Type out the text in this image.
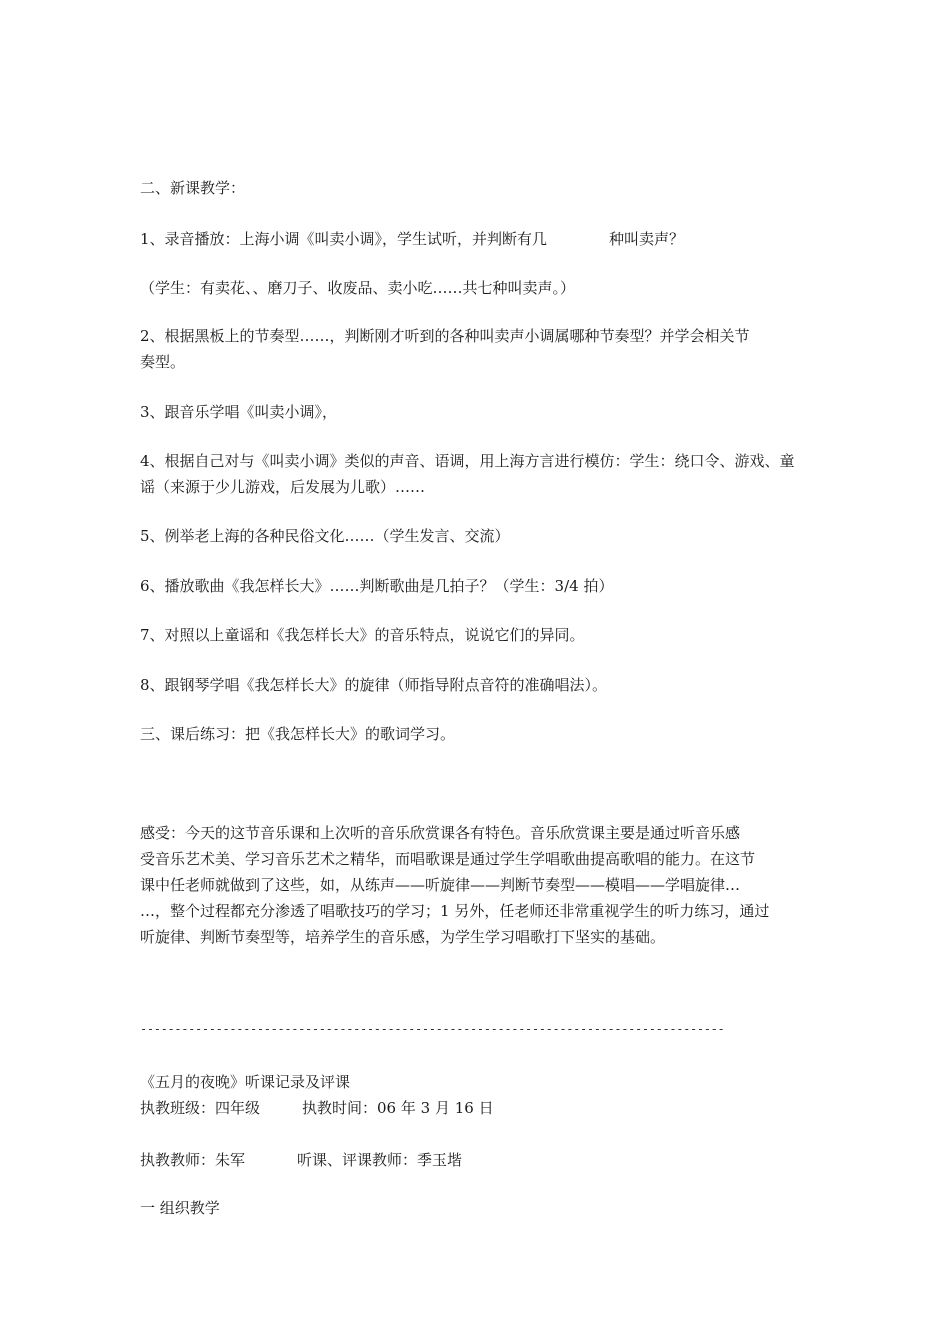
二、新课教学：
1、录音播放：上海小调《叫卖小调》，学生试听，并判断有几	种叫卖声？
（学生：有卖花、、磨刀子、收废品、卖小吃……共七种叫卖声。）
2、根据黑板上的节奏型……，判断刚才听到的各种叫卖声小调属哪种节奏型？并学会相关节
奏型。
3、跟音乐学唱《叫卖小调》，
4、根据自己对与《叫卖小调》类似的声音、语调，用上海方言进行模仿：学生：绕口令、游戏、童
谣（来源于少儿游戏，后发展为儿歌）……
5、例举老上海的各种民俗文化……（学生发言、交流）
6、播放歌曲《我怎样长大》……判断歌曲是几拍子？（学生：3/4 拍）
7、对照以上童谣和《我怎样长大》的音乐特点，说说它们的异同。
8、跟钢琴学唱《我怎样长大》的旋律（师指导附点音符的准确唱法）。
三、课后练习：把《我怎样长大》的歌词学习。
感受：今天的这节音乐课和上次听的音乐欣赏课各有特色。音乐欣赏课主要是通过听音乐感
受音乐艺术美、学习音乐艺术之精华，而唱歌课是通过学生学唱歌曲提高歌唱的能力。在这节
课中任老师就做到了这些，如，从练声——听旋律——判断节奏型——模唱——学唱旋律…
…，整个过程都充分渗透了唱歌技巧的学习；1 另外，任老师还非常重视学生的听力练习，通过
听旋律、判断节奏型等，培养学生的音乐感，为学生学习唱歌打下坚实的基础。
-------------------------------------------------------------------------------------
《五月的夜晚》听课记录及评课
执教班级：四年级	执教时间：06 年 3 月 16 日
执教教师：朱军	听课、评课教师：季玉堦
一 组织教学
